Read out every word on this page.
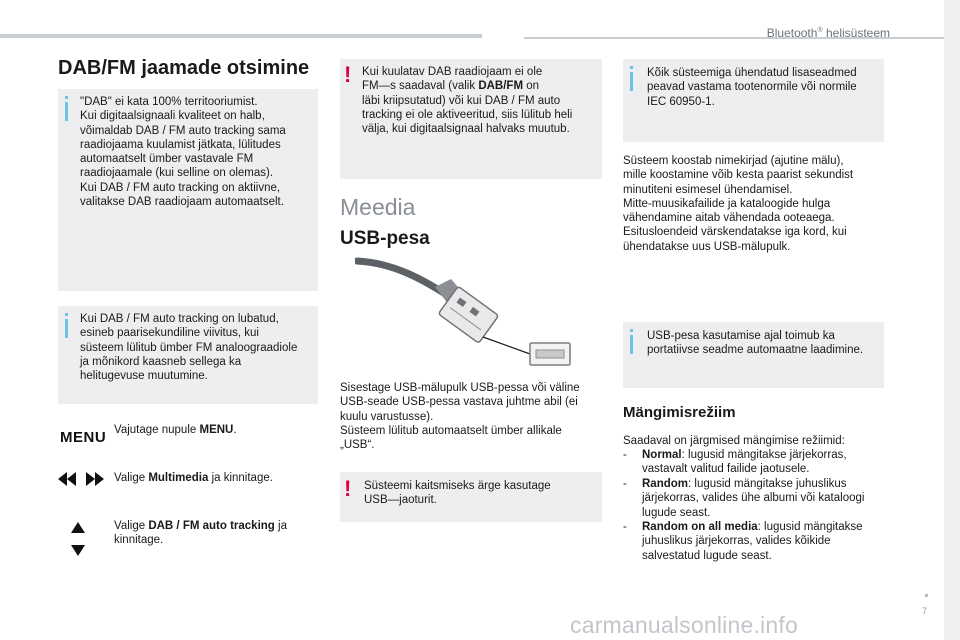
Bluetooth® helisüsteem
DAB/FM jaamade otsimine
"DAB" ei kata 100% territooriumist.
Kui digitaalsignaali kvaliteet on halb,
võimaldab DAB / FM auto tracking sama
raadiojaama kuulamist jätkata, lülitudes
automaatselt ümber vastavale FM
raadiojaamale (kui selline on olemas).
Kui DAB / FM auto tracking on aktiivne,
valitakse DAB raadiojaam automaatselt.
Kui DAB / FM auto tracking on lubatud,
esineb paarisekundiline viivitus, kui
süsteem lülitub ümber FM analoograadiole
ja mõnikord kaasneb sellega ka
helitugevuse muutumine.
MENU Vajutage nupule MENU.
Valige Multimedia ja kinnitage.
Valige DAB / FM auto tracking ja
kinnitage.
! Kui kuulatav DAB raadiojaam ei ole
FM—s saadaval (valik DAB/FM on
läbi kriipsutatud) või kui DAB / FM auto
tracking ei ole aktiveeritud, siis lülitub heli
välja, kui digitaalsignaal halvaks muutub.
Meedia
USB-pesa
Sisestage USB-mälupulk USB-pessa või väline
USB-seade USB-pessa vastava juhtme abil (ei
kuulu varustusse).
Süsteem lülitub automaatselt ümber allikale
„USB“.
! Süsteemi kaitsmiseks ärge kasutage
USB—jaoturit.
Kõik süsteemiga ühendatud lisaseadmed
peavad vastama tootenormile või normile
IEC 60950-1.
Süsteem koostab nimekirjad (ajutine mälu),
mille koostamine võib kesta paarist sekundist
minutiteni esimesel ühendamisel.
Mitte-muusikafailide ja kataloogide hulga
vähendamine aitab vähendada ooteaega.
Esitusloendeid värskendatakse iga kord, kui
ühendatakse uus USB-mälupulk.
USB-pesa kasutamise ajal toimub ka
portatiivse seadme automaatne laadimine.
Mängimisrežiim
Saadaval on järgmised mängimise režiimid:
- Normal: lugusid mängitakse järjekorras,
vastavalt valitud failide jaotusele.
- Random: lugusid mängitakse juhuslikus
järjekorras, valides ühe albumi või kataloogi
lugude seast.
- Random on all media: lugusid mängitakse
juhuslikus järjekorras, valides kõikide
salvestatud lugude seast.
7
carmanualsonline.info
